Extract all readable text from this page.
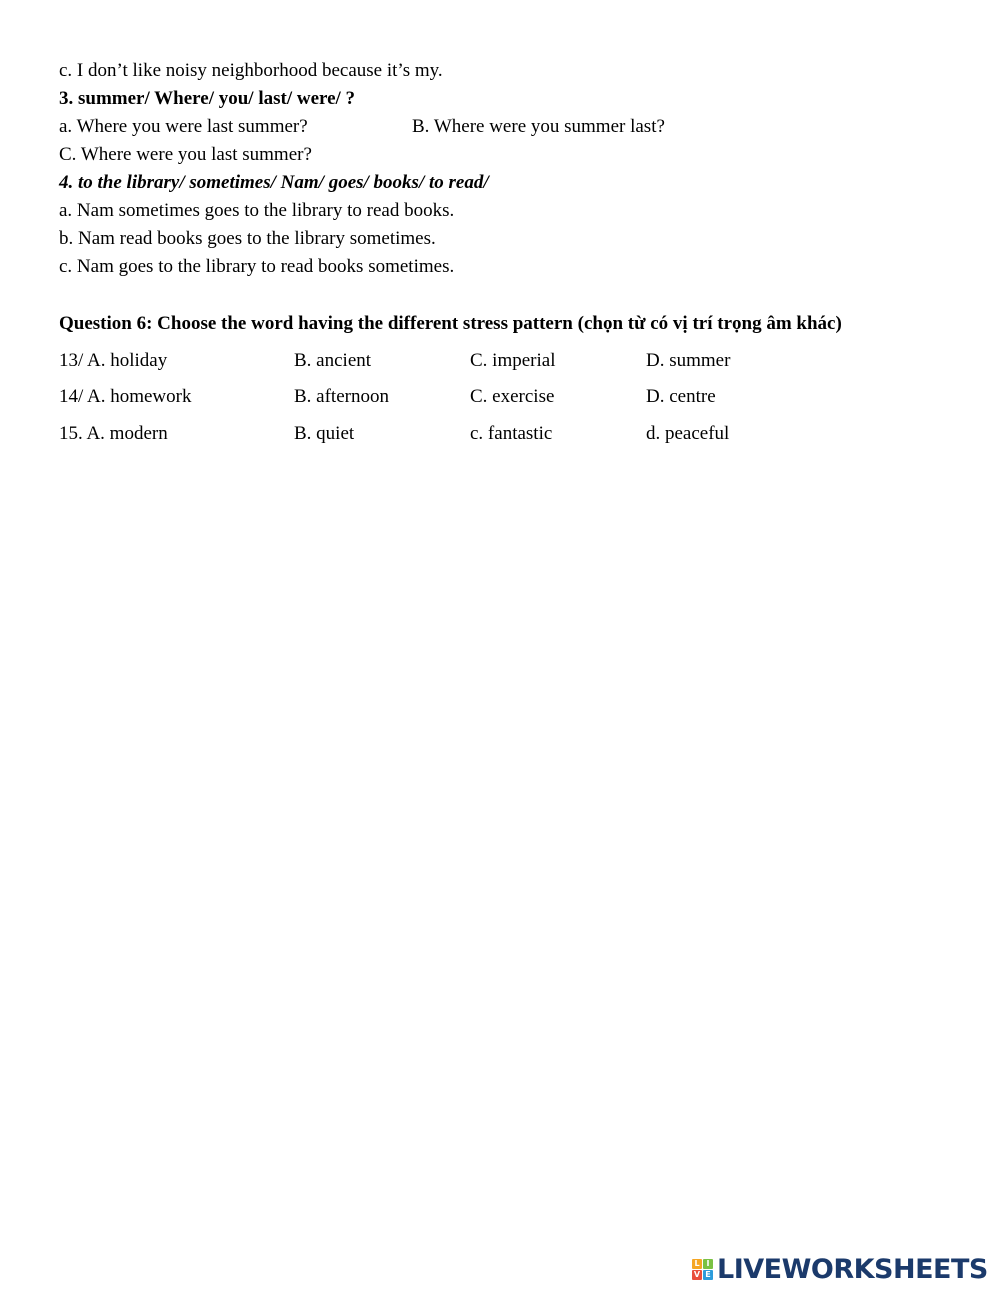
c. I don’t like noisy neighborhood because it’s my.
3. summer/ Where/ you/ last/ were/ ?
a. Where you were last summer?	B. Where were you summer last?
C. Where were you last summer?
4. to the library/ sometimes/ Nam/ goes/ books/ to read/
a. Nam sometimes goes to the library to read books.
b. Nam read books goes to the library sometimes.
c. Nam goes to the library to read books sometimes.
Question 6: Choose the word having the different stress pattern (chọn từ có vị trí trọng âm khác)
13/ A. holiday	B. ancient	C. imperial	D. summer
14/ A. homework	B. afternoon	C. exercise	D. centre
15. A. modern	B. quiet	c. fantastic	d. peaceful
L I
V E LIVEWORKSHEETS
